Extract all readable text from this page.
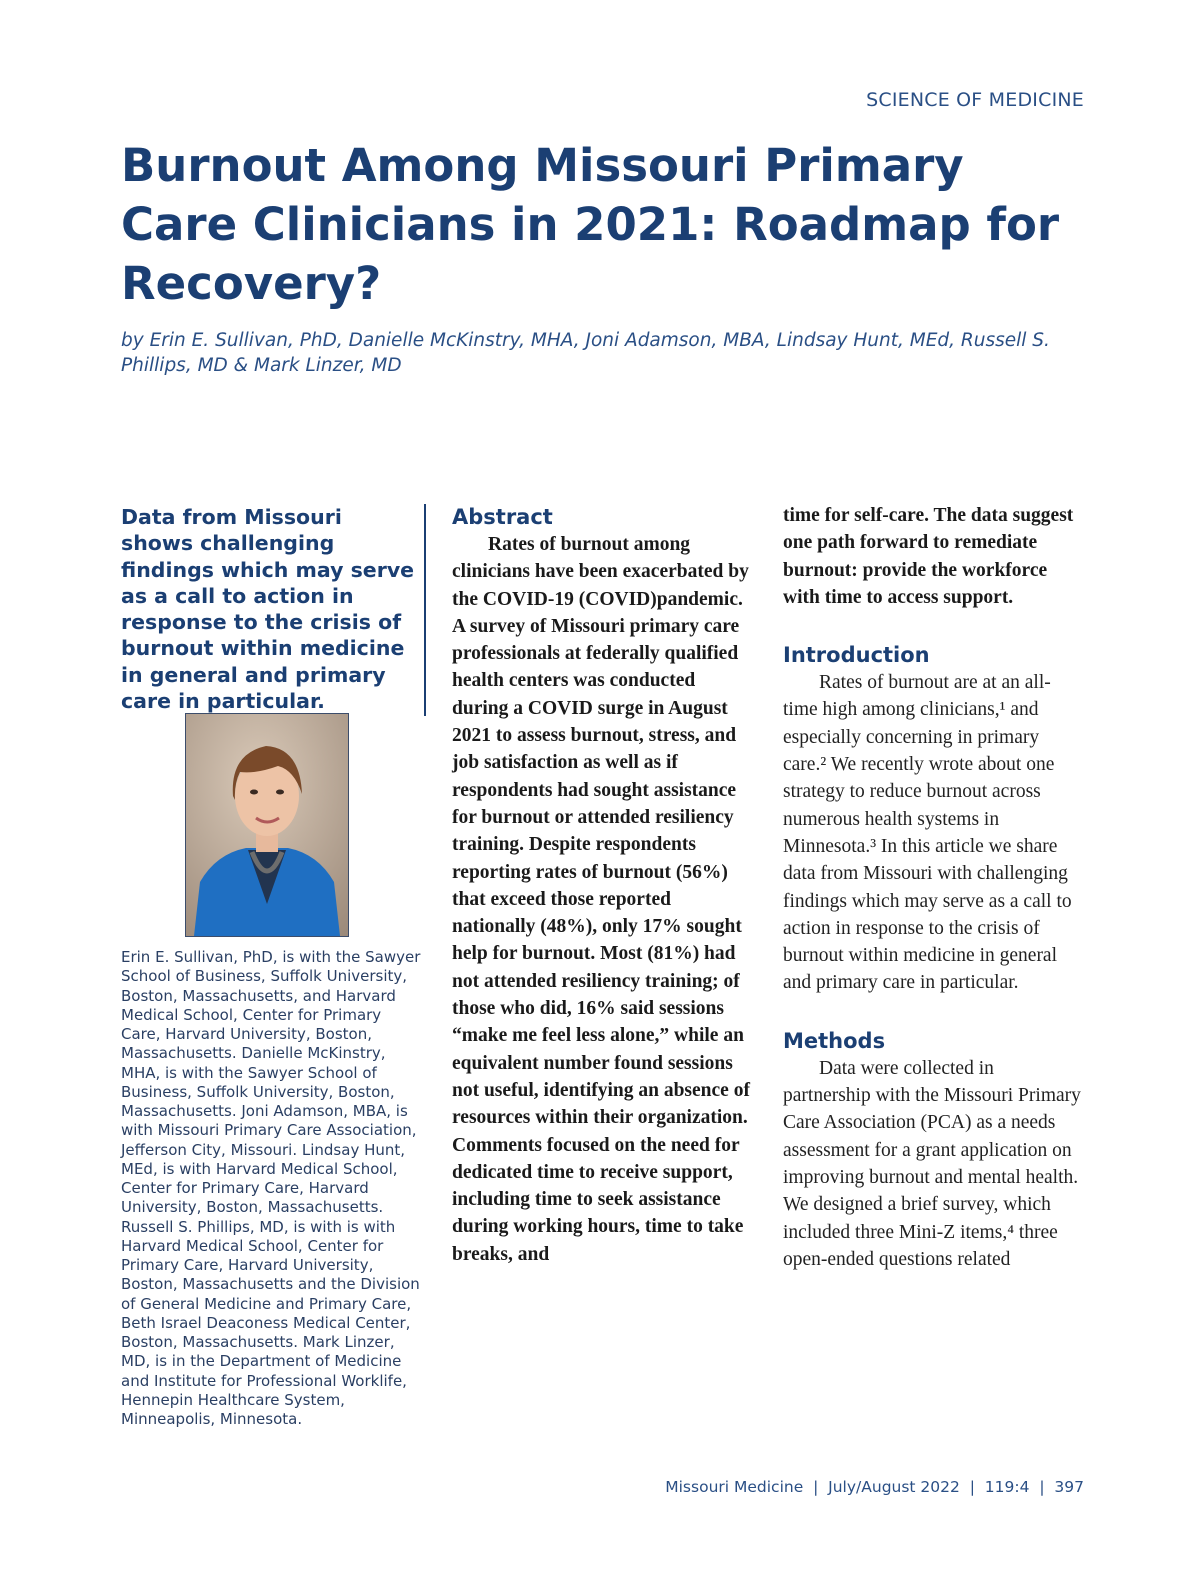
SCIENCE OF MEDICINE
Burnout Among Missouri Primary Care Clinicians in 2021: Roadmap for Recovery?

by Erin E. Sullivan, PhD, Danielle McKinstry, MHA, Joni Adamson, MBA, Lindsay Hunt, MEd, Russell S. Phillips, MD & Mark Linzer, MD

Data from Missouri shows challenging findings which may serve as a call to action in response to the crisis of burnout within medicine in general and primary care in particular.

Erin E. Sullivan, PhD, is with the Sawyer School of Business, Suffolk University, Boston, Massachusetts, and Harvard Medical School, Center for Primary Care, Harvard University, Boston, Massachusetts. Danielle McKinstry, MHA, is with the Sawyer School of Business, Suffolk University, Boston, Massachusetts. Joni Adamson, MBA, is with Missouri Primary Care Association, Jefferson City, Missouri. Lindsay Hunt, MEd, is with Harvard Medical School, Center for Primary Care, Harvard University, Boston, Massachusetts. Russell S. Phillips, MD, is with is with Harvard Medical School, Center for Primary Care, Harvard University, Boston, Massachusetts and the Division of General Medicine and Primary Care, Beth Israel Deaconess Medical Center, Boston, Massachusetts. Mark Linzer, MD, is in the Department of Medicine and Institute for Professional Worklife, Hennepin Healthcare System, Minneapolis, Minnesota.

Abstract

Rates of burnout among clinicians have been exacerbated by the COVID-19 (COVID)pandemic. A survey of Missouri primary care professionals at federally qualified health centers was conducted during a COVID surge in August 2021 to assess burnout, stress, and job satisfaction as well as if respondents had sought assistance for burnout or attended resiliency training. Despite respondents reporting rates of burnout (56%) that exceed those reported nationally (48%), only 17% sought help for burnout. Most (81%) had not attended resiliency training; of those who did, 16% said sessions “make me feel less alone,” while an equivalent number found sessions not useful, identifying an absence of resources within their organization. Comments focused on the need for dedicated time to receive support, including time to seek assistance during working hours, time to take breaks, and

time for self-care. The data suggest one path forward to remediate burnout: provide the workforce with time to access support.

Introduction

Rates of burnout are at an all-time high among clinicians,¹ and especially concerning in primary care.² We recently wrote about one strategy to reduce burnout across numerous health systems in Minnesota.³ In this article we share data from Missouri with challenging findings which may serve as a call to action in response to the crisis of burnout within medicine in general and primary care in particular.

Methods

Data were collected in partnership with the Missouri Primary Care Association (PCA) as a needs assessment for a grant application on improving burnout and mental health. We designed a brief survey, which included three Mini-Z items,⁴ three open-ended questions related

Missouri Medicine  |  July/August 2022  |  119:4  |  397
